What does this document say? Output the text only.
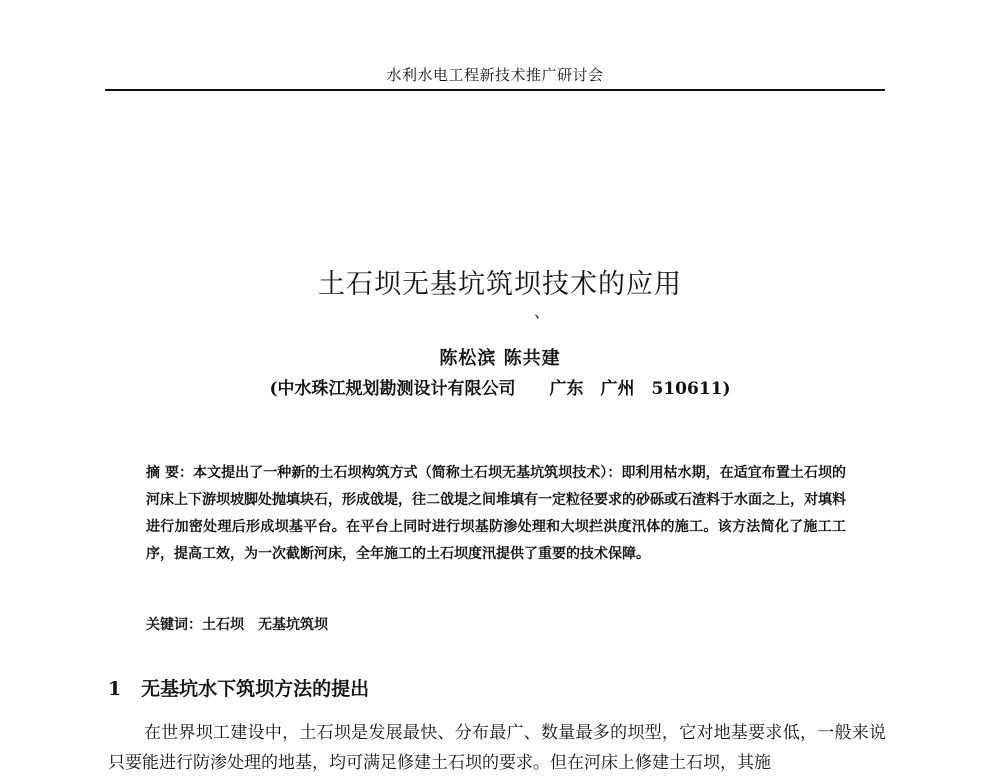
水利水电工程新技术推广研讨会
土石坝无基坑筑坝技术的应用
、
陈松滨 陈共建
(中水珠江规划勘测设计有限公司　　广东　广州　510611)

摘 要：本文提出了一种新的土石坝构筑方式（简称土石坝无基坑筑坝技术）：即利用枯水期，在适宜布置土石坝的河床上下游坝坡脚处抛填块石，形成戗堤，往二戗堤之间堆填有一定粒径要求的砂砾或石渣料于水面之上，对填料进行加密处理后形成坝基平台。在平台上同时进行坝基防渗处理和大坝拦洪度汛体的施工。该方法简化了施工工序，提高工效，为一次截断河床，全年施工的土石坝度汛提供了重要的技术保障。

关键词：土石坝　无基坑筑坝
1 无基坑水下筑坝方法的提出

在世界坝工建设中，土石坝是发展最快、分布最广、数量最多的坝型，它对地基要求低，一般来说只要能进行防渗处理的地基，均可满足修建土石坝的要求。但在河床上修建土石坝，其施
